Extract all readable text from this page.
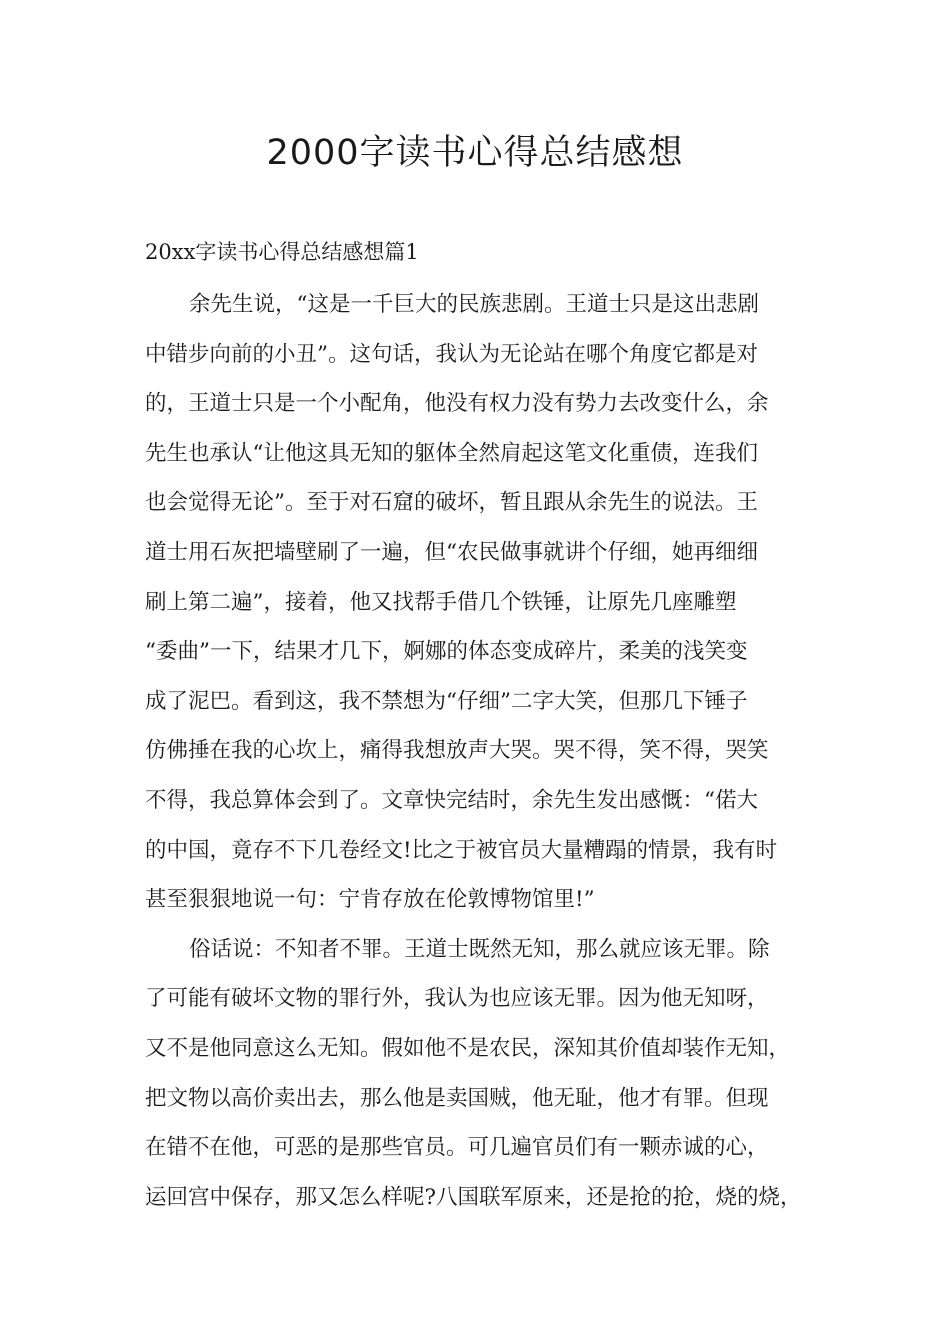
2000字读书心得总结感想
20xx字读书心得总结感想篇1
余先生说，“这是一千巨大的民族悲剧。王道士只是这出悲剧
中错步向前的小丑”。这句话，我认为无论站在哪个角度它都是对
的，王道士只是一个小配角，他没有权力没有势力去改变什么，余
先生也承认“让他这具无知的躯体全然肩起这笔文化重债，连我们
也会觉得无论”。至于对石窟的破坏，暂且跟从余先生的说法。王
道士用石灰把墙壁刷了一遍，但“农民做事就讲个仔细，她再细细
刷上第二遍”，接着，他又找帮手借几个铁锤，让原先几座雕塑
“委曲”一下，结果才几下，婀娜的体态变成碎片，柔美的浅笑变
成了泥巴。看到这，我不禁想为“仔细”二字大笑，但那几下锤子
仿佛捶在我的心坎上，痛得我想放声大哭。哭不得，笑不得，哭笑
不得，我总算体会到了。文章快完结时，余先生发出感慨：“偌大
的中国，竟存不下几卷经文!比之于被官员大量糟蹋的情景，我有时
甚至狠狠地说一句：宁肯存放在伦敦博物馆里!”
俗话说：不知者不罪。王道士既然无知，那么就应该无罪。除
了可能有破坏文物的罪行外，我认为也应该无罪。因为他无知呀，
又不是他同意这么无知。假如他不是农民，深知其价值却装作无知，
把文物以高价卖出去，那么他是卖国贼，他无耻，他才有罪。但现
在错不在他，可恶的是那些官员。可几遍官员们有一颗赤诚的心，
运回宫中保存，那又怎么样呢?八国联军原来，还是抢的抢，烧的烧，
